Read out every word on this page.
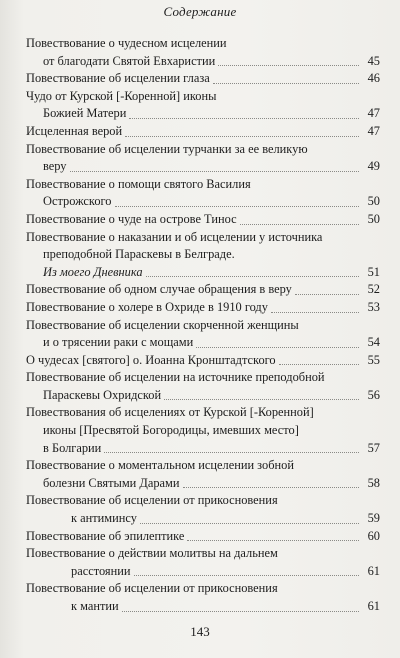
Содержание
Повествование о чудесном исцелении
от благодати Святой Евхаристии	45
Повествование об исцелении глаза	46
Чудо от Курской [-Коренной] иконы
Божией Матери	47
Исцеленная верой	47
Повествование об исцелении турчанки за ее великую
веру	49
Повествование о помощи святого Василия
Острожского	50
Повествование о чуде на острове Тинос	50
Повествование о наказании и об исцелении у источника
преподобной Параскевы в Белграде.
Из моего Дневника	51
Повествование об одном случае обращения в веру	52
Повествование о холере в Охриде в 1910 году	53
Повествование об исцелении скорченной женщины
и о трясении раки с мощами	54
О чудесах [святого] о. Иоанна Кронштадтского	55
Повествование об исцелении на источнике преподобной
Параскевы Охридской	56
Повествования об исцелениях от Курской [-Коренной]
иконы [Пресвятой Богородицы, имевших место]
в Болгарии	57
Повествование о моментальном исцелении зобной
болезни Святыми Дарами	58
Повествование об исцелении от прикосновения
к антиминсу	59
Повествование об эпилептике	60
Повествование о действии молитвы на дальнем
расстоянии	61
Повествование об исцелении от прикосновения
к мантии	61
143
